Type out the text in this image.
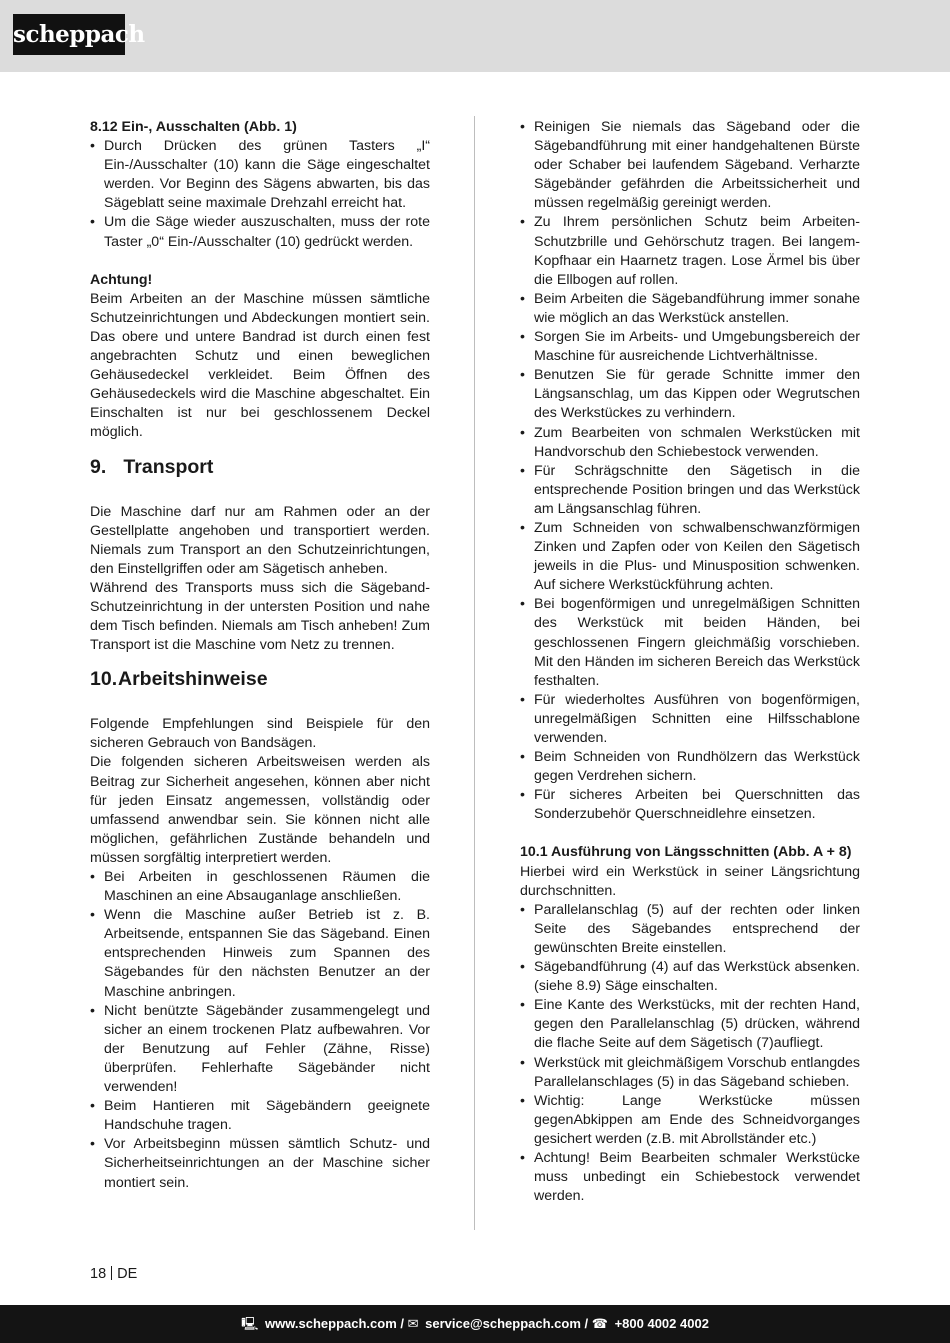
scheppach

8.12 Ein-, Ausschalten (Abb. 1)

• Durch Drücken des grünen Tasters „I“ Ein-/Ausschalter (10) kann die Säge eingeschaltet werden. Vor Beginn des Sägens abwarten, bis das Sägeblatt seine maximale Drehzahl erreicht hat.
• Um die Säge wieder auszuschalten, muss der rote Taster „0“ Ein-/Ausschalter (10) gedrückt werden.

Achtung!

Beim Arbeiten an der Maschine müssen sämtliche Schutzeinrichtungen und Abdeckungen montiert sein. Das obere und untere Bandrad ist durch einen fest angebrachten Schutz und einen beweglichen Gehäusedeckel verkleidet. Beim Öffnen des Gehäusedeckels wird die Maschine abgeschaltet. Ein Einschalten ist nur bei geschlossenem Deckel möglich.

9. Transport

Die Maschine darf nur am Rahmen oder an der Gestellplatte angehoben und transportiert werden. Niemals zum Transport an den Schutzeinrichtungen, den Einstellgriffen oder am Sägetisch anheben.

Während des Transports muss sich die Sägeband-Schutzeinrichtung in der untersten Position und nahe dem Tisch befinden. Niemals am Tisch anheben! Zum Transport ist die Maschine vom Netz zu trennen.

10.Arbeitshinweise

Folgende Empfehlungen sind Beispiele für den sicheren Gebrauch von Bandsägen.

Die folgenden sicheren Arbeitsweisen werden als Beitrag zur Sicherheit angesehen, können aber nicht für jeden Einsatz angemessen, vollständig oder umfassend anwendbar sein. Sie können nicht alle möglichen, gefährlichen Zustände behandeln und müssen sorgfältig interpretiert werden.

• Bei Arbeiten in geschlossenen Räumen die Maschinen an eine Absauganlage anschließen.
• Wenn die Maschine außer Betrieb ist z. B. Arbeitsende, entspannen Sie das Sägeband. Einen entsprechenden Hinweis zum Spannen des Sägebandes für den nächsten Benutzer an der Maschine anbringen.
• Nicht benützte Sägebänder zusammengelegt und sicher an einem trockenen Platz aufbewahren. Vor der Benutzung auf Fehler (Zähne, Risse) überprüfen. Fehlerhafte Sägebänder nicht verwenden!
• Beim Hantieren mit Sägebändern geeignete Handschuhe tragen.
• Vor Arbeitsbeginn müssen sämtlich Schutz- und Sicherheitseinrichtungen an der Maschine sicher montiert sein.
• Reinigen Sie niemals das Sägeband oder die Sägebandführung mit einer handgehaltenen Bürste oder Schaber bei laufendem Sägeband. Verharzte Sägebänder gefährden die Arbeitssicherheit und müssen regelmäßig gereinigt werden.
• Zu Ihrem persönlichen Schutz beim Arbeiten-Schutzbrille und Gehörschutz tragen. Bei langem-Kopfhaar ein Haarnetz tragen. Lose Ärmel bis über die Ellbogen auf rollen.
• Beim Arbeiten die Sägebandführung immer sonahe wie möglich an das Werkstück anstellen.
• Sorgen Sie im Arbeits- und Umgebungsbereich der Maschine für ausreichende Lichtverhältnisse.
• Benutzen Sie für gerade Schnitte immer den Längsanschlag, um das Kippen oder Wegrutschen des Werkstückes zu verhindern.
• Zum Bearbeiten von schmalen Werkstücken mit Handvorschub den Schiebestock verwenden.
• Für Schrägschnitte den Sägetisch in die entsprechende Position bringen und das Werkstück am Längsanschlag führen.
• Zum Schneiden von schwalbenschwanzförmigen Zinken und Zapfen oder von Keilen den Sägetisch jeweils in die Plus- und Minusposition schwenken. Auf sichere Werkstückführung achten.
• Bei bogenförmigen und unregelmäßigen Schnitten des Werkstück mit beiden Händen, bei geschlossenen Fingern gleichmäßig vorschieben. Mit den Händen im sicheren Bereich das Werkstück festhalten.
• Für wiederholtes Ausführen von bogenförmigen, unregelmäßigen Schnitten eine Hilfsschablone verwenden.
• Beim Schneiden von Rundhölzern das Werkstück gegen Verdrehen sichern.
• Für sicheres Arbeiten bei Querschnitten das Sonderzubehör Querschneidlehre einsetzen.

10.1 Ausführung von Längsschnitten (Abb. A + 8)

Hierbei wird ein Werkstück in seiner Längsrichtung durchschnitten.

• Parallelanschlag (5) auf der rechten oder linken Seite des Sägebandes entsprechend der gewünschten Breite einstellen.
• Sägebandführung (4) auf das Werkstück absenken. (siehe 8.9) Säge einschalten.
• Eine Kante des Werkstücks, mit der rechten Hand, gegen den Parallelanschlag (5) drücken, während die flache Seite auf dem Sägetisch (7)aufliegt.
• Werkstück mit gleichmäßigem Vorschub entlangdes Parallelanschlages (5) in das Sägeband schieben.
• Wichtig: Lange Werkstücke müssen gegenAbkippen am Ende des Schneidvorganges gesichert werden (z.B. mit Abrollständer etc.)
• Achtung! Beim Bearbeiten schmaler Werkstücke muss unbedingt ein Schiebestock verwendet werden.
18 DE
🖳 www.scheppach.com / ✉ service@scheppach.com / ☎ +800 4002 4002
